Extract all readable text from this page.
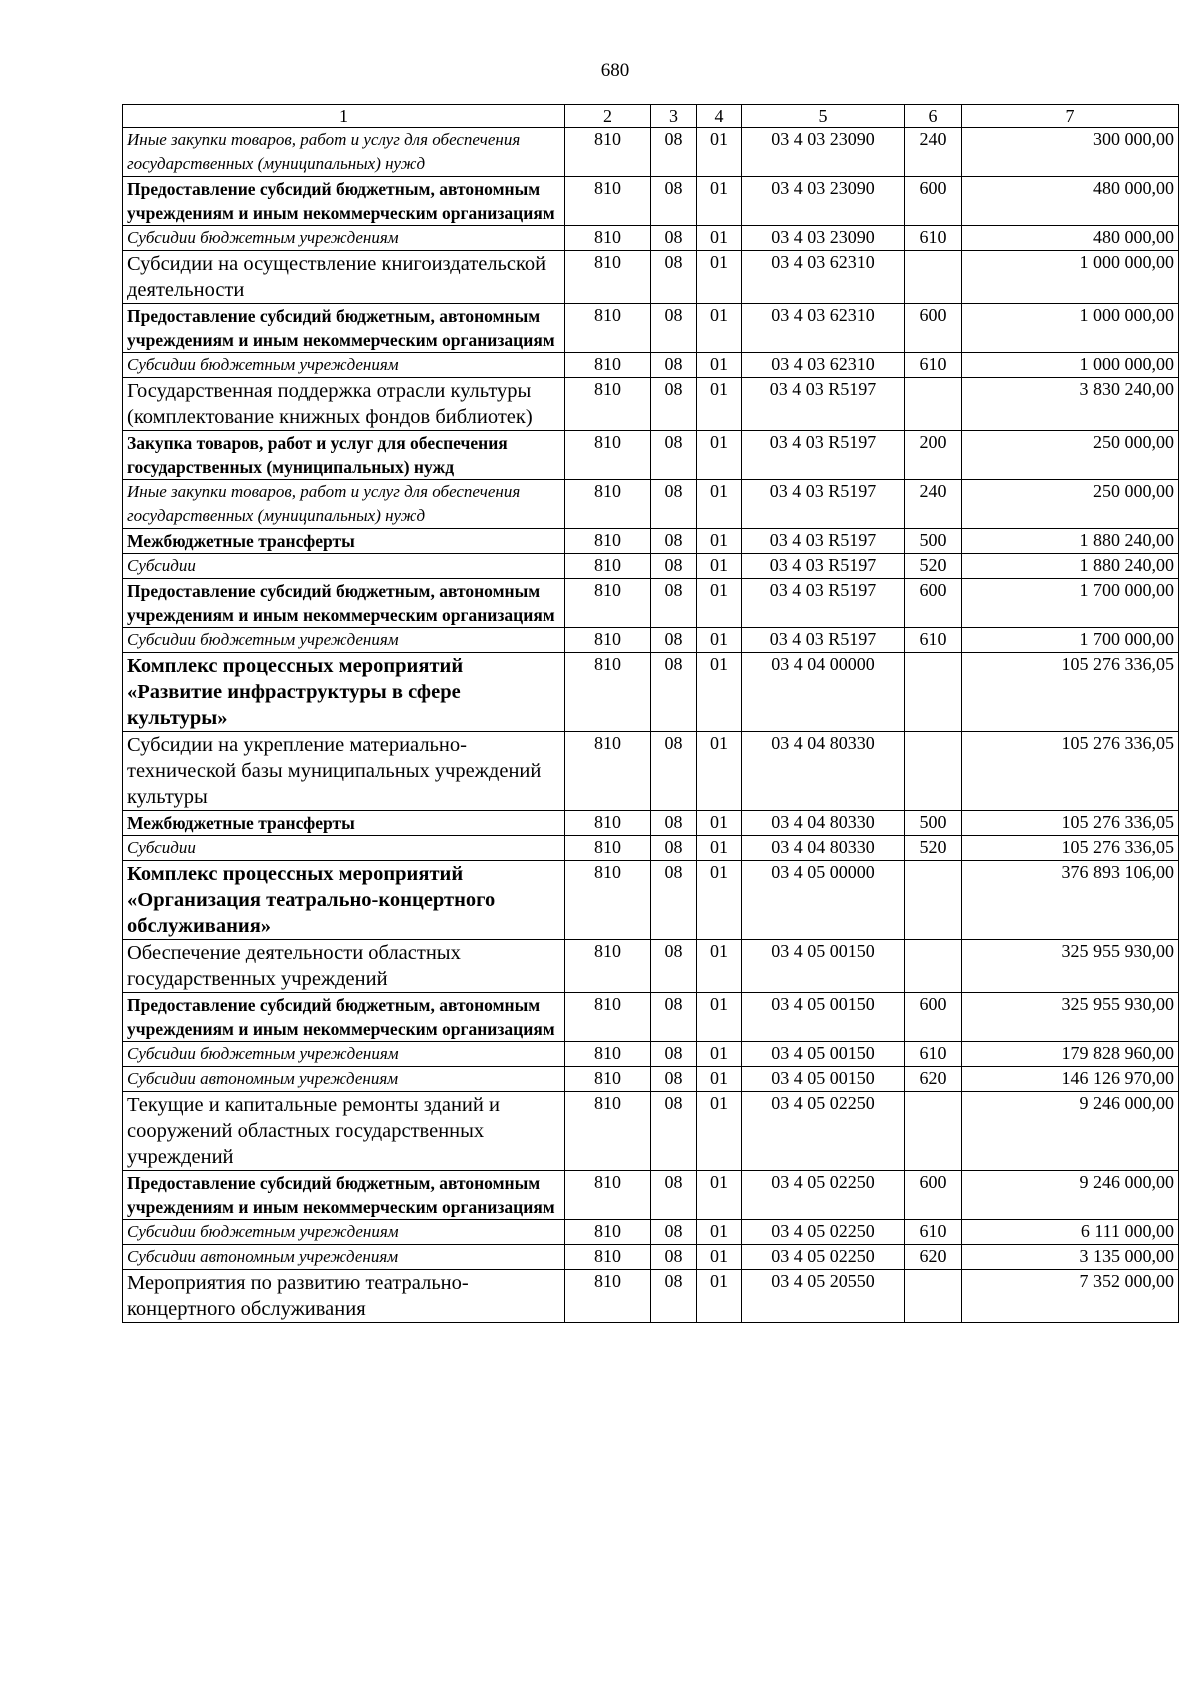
680
1	2	3	4	5	6	7
Иные закупки товаров, работ и услуг для обеспечения государственных (муниципальных) нужд	810	08	01	03 4 03 23090	240	300 000,00
Предоставление субсидий бюджетным, автономным учреждениям и иным некоммерческим организациям	810	08	01	03 4 03 23090	600	480 000,00
Субсидии бюджетным учреждениям	810	08	01	03 4 03 23090	610	480 000,00
Субсидии на осуществление книгоиздательской деятельности	810	08	01	03 4 03 62310		1 000 000,00
Предоставление субсидий бюджетным, автономным учреждениям и иным некоммерческим организациям	810	08	01	03 4 03 62310	600	1 000 000,00
Субсидии бюджетным учреждениям	810	08	01	03 4 03 62310	610	1 000 000,00
Государственная поддержка отрасли культуры (комплектование книжных фондов библиотек)	810	08	01	03 4 03 R5197		3 830 240,00
Закупка товаров, работ и услуг для обеспечения государственных (муниципальных) нужд	810	08	01	03 4 03 R5197	200	250 000,00
Иные закупки товаров, работ и услуг для обеспечения государственных (муниципальных) нужд	810	08	01	03 4 03 R5197	240	250 000,00
Межбюджетные трансферты	810	08	01	03 4 03 R5197	500	1 880 240,00
Субсидии	810	08	01	03 4 03 R5197	520	1 880 240,00
Предоставление субсидий бюджетным, автономным учреждениям и иным некоммерческим организациям	810	08	01	03 4 03 R5197	600	1 700 000,00
Субсидии бюджетным учреждениям	810	08	01	03 4 03 R5197	610	1 700 000,00
Комплекс процессных мероприятий «Развитие инфраструктуры в сфере культуры»	810	08	01	03 4 04 00000		105 276 336,05
Субсидии на укрепление материально-технической базы муниципальных учреждений культуры	810	08	01	03 4 04 80330		105 276 336,05
Межбюджетные трансферты	810	08	01	03 4 04 80330	500	105 276 336,05
Субсидии	810	08	01	03 4 04 80330	520	105 276 336,05
Комплекс процессных мероприятий «Организация театрально-концертного обслуживания»	810	08	01	03 4 05 00000		376 893 106,00
Обеспечение деятельности областных государственных учреждений	810	08	01	03 4 05 00150		325 955 930,00
Предоставление субсидий бюджетным, автономным учреждениям и иным некоммерческим организациям	810	08	01	03 4 05 00150	600	325 955 930,00
Субсидии бюджетным учреждениям	810	08	01	03 4 05 00150	610	179 828 960,00
Субсидии автономным учреждениям	810	08	01	03 4 05 00150	620	146 126 970,00
Текущие и капитальные ремонты зданий и сооружений областных государственных учреждений	810	08	01	03 4 05 02250		9 246 000,00
Предоставление субсидий бюджетным, автономным учреждениям и иным некоммерческим организациям	810	08	01	03 4 05 02250	600	9 246 000,00
Субсидии бюджетным учреждениям	810	08	01	03 4 05 02250	610	6 111 000,00
Субсидии автономным учреждениям	810	08	01	03 4 05 02250	620	3 135 000,00
Мероприятия по развитию театрально-концертного обслуживания	810	08	01	03 4 05 20550		7 352 000,00
